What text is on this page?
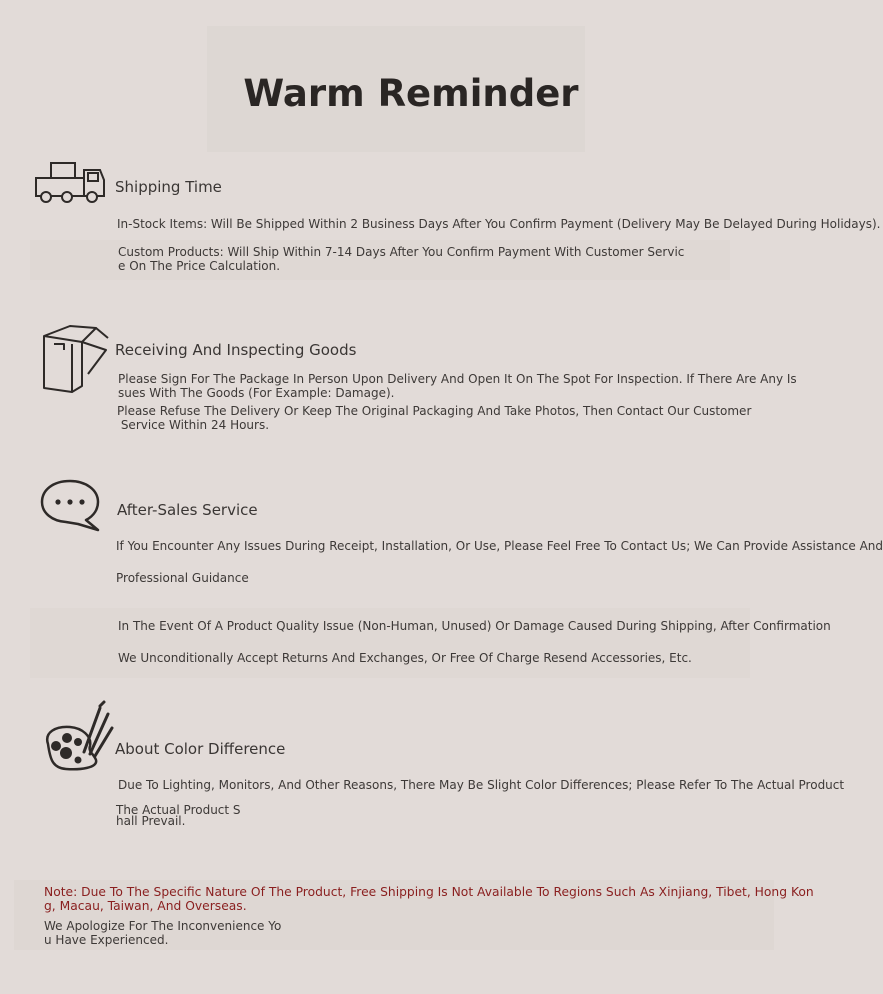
Warm Reminder
Shipping Time
In-Stock Items: Will Be Shipped Within 2 Business Days After You Confirm Payment (Delivery May Be Delayed During Holidays).
Custom Products: Will Ship Within 7-14 Days After You Confirm Payment With Customer Servic
e On The Price Calculation.
Receiving And Inspecting Goods
Please Sign For The Package In Person Upon Delivery And Open It On The Spot For Inspection. If There Are Any Is
sues With The Goods (For Example: Damage).
Please Refuse The Delivery Or Keep The Original Packaging And Take Photos, Then Contact Our Customer
Service Within 24 Hours.
After-Sales Service
If You Encounter Any Issues During Receipt, Installation, Or Use, Please Feel Free To Contact Us; We Can Provide Assistance And
Professional Guidance
In The Event Of A Product Quality Issue (Non-Human, Unused) Or Damage Caused During Shipping, After Confirmation
We Unconditionally Accept Returns And Exchanges, Or Free Of Charge Resend Accessories, Etc.
About Color Difference
Due To Lighting, Monitors, And Other Reasons, There May Be Slight Color Differences; Please Refer To The Actual Product
The Actual Product S
hall Prevail.
Note: Due To The Specific Nature Of The Product, Free Shipping Is Not Available To Regions Such As Xinjiang, Tibet, Hong Kon
g, Macau, Taiwan, And Overseas.
We Apologize For The Inconvenience Yo
u Have Experienced.
